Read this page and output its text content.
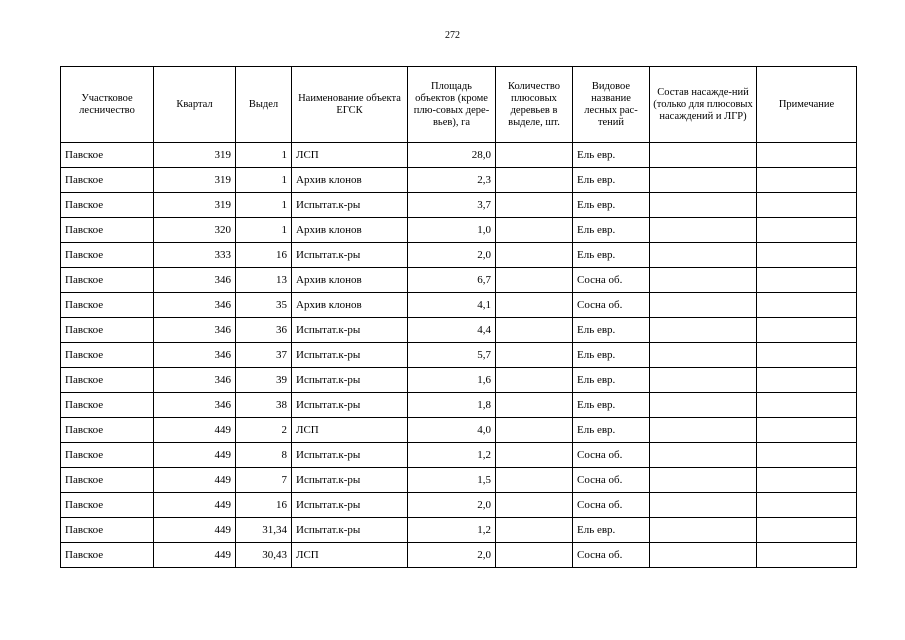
272
Участковое лесничество	Квартал	Выдел	Наименование объекта ЕГСК	Площадь объектов (кроме плю-совых дере-вьев), га	Количество плюсовых деревьев в выделе, шт.	Видовое название лесных рас-тений	Состав насажде-ний (только для плюсовых насаждений и ЛГР)	Примечание
Павское	319	1	ЛСП	28,0		Ель евр.		
Павское	319	1	Архив клонов	2,3		Ель евр.		
Павское	319	1	Испытат.к-ры	3,7		Ель евр.		
Павское	320	1	Архив клонов	1,0		Ель евр.		
Павское	333	16	Испытат.к-ры	2,0		Ель евр.		
Павское	346	13	Архив клонов	6,7		Сосна об.		
Павское	346	35	Архив клонов	4,1		Сосна об.		
Павское	346	36	Испытат.к-ры	4,4		Ель евр.		
Павское	346	37	Испытат.к-ры	5,7		Ель евр.		
Павское	346	39	Испытат.к-ры	1,6		Ель евр.		
Павское	346	38	Испытат.к-ры	1,8		Ель евр.		
Павское	449	2	ЛСП	4,0		Ель евр.		
Павское	449	8	Испытат.к-ры	1,2		Сосна об.		
Павское	449	7	Испытат.к-ры	1,5		Сосна об.		
Павское	449	16	Испытат.к-ры	2,0		Сосна об.		
Павское	449	31,34	Испытат.к-ры	1,2		Ель евр.		
Павское	449	30,43	ЛСП	2,0		Сосна об.		
